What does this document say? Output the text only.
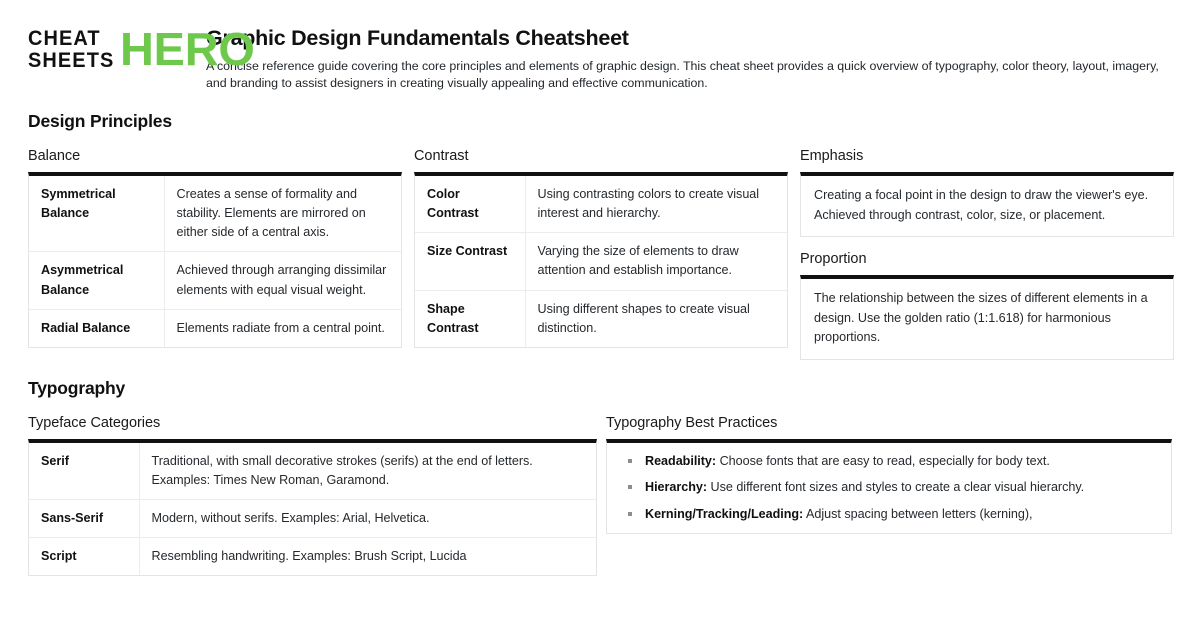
CHEAT
SHEETS HERO
Graphic Design Fundamentals Cheatsheet
A concise reference guide covering the core principles and elements of graphic design. This cheat sheet provides a quick overview of typography, color theory, layout, imagery, and branding to assist designers in creating visually appealing and effective communication.
Design Principles
Balance
Symmetrical Balance	Creates a sense of formality and stability. Elements are mirrored on either side of a central axis.
Asymmetrical Balance	Achieved through arranging dissimilar elements with equal visual weight.
Radial Balance	Elements radiate from a central point.
Contrast
Color Contrast	Using contrasting colors to create visual interest and hierarchy.
Size Contrast	Varying the size of elements to draw attention and establish importance.
Shape Contrast	Using different shapes to create visual distinction.
Emphasis
Creating a focal point in the design to draw the viewer's eye. Achieved through contrast, color, size, or placement.
Proportion
The relationship between the sizes of different elements in a design. Use the golden ratio (1:1.618) for harmonious proportions.
Typography
Typeface Categories
Serif	Traditional, with small decorative strokes (serifs) at the end of letters. Examples: Times New Roman, Garamond.
Sans-Serif	Modern, without serifs. Examples: Arial, Helvetica.
Script	Resembling handwriting. Examples: Brush Script, Lucida
Typography Best Practices
Readability: Choose fonts that are easy to read, especially for body text.
Hierarchy: Use different font sizes and styles to create a clear visual hierarchy.
Kerning/Tracking/Leading: Adjust spacing between letters (kerning),
